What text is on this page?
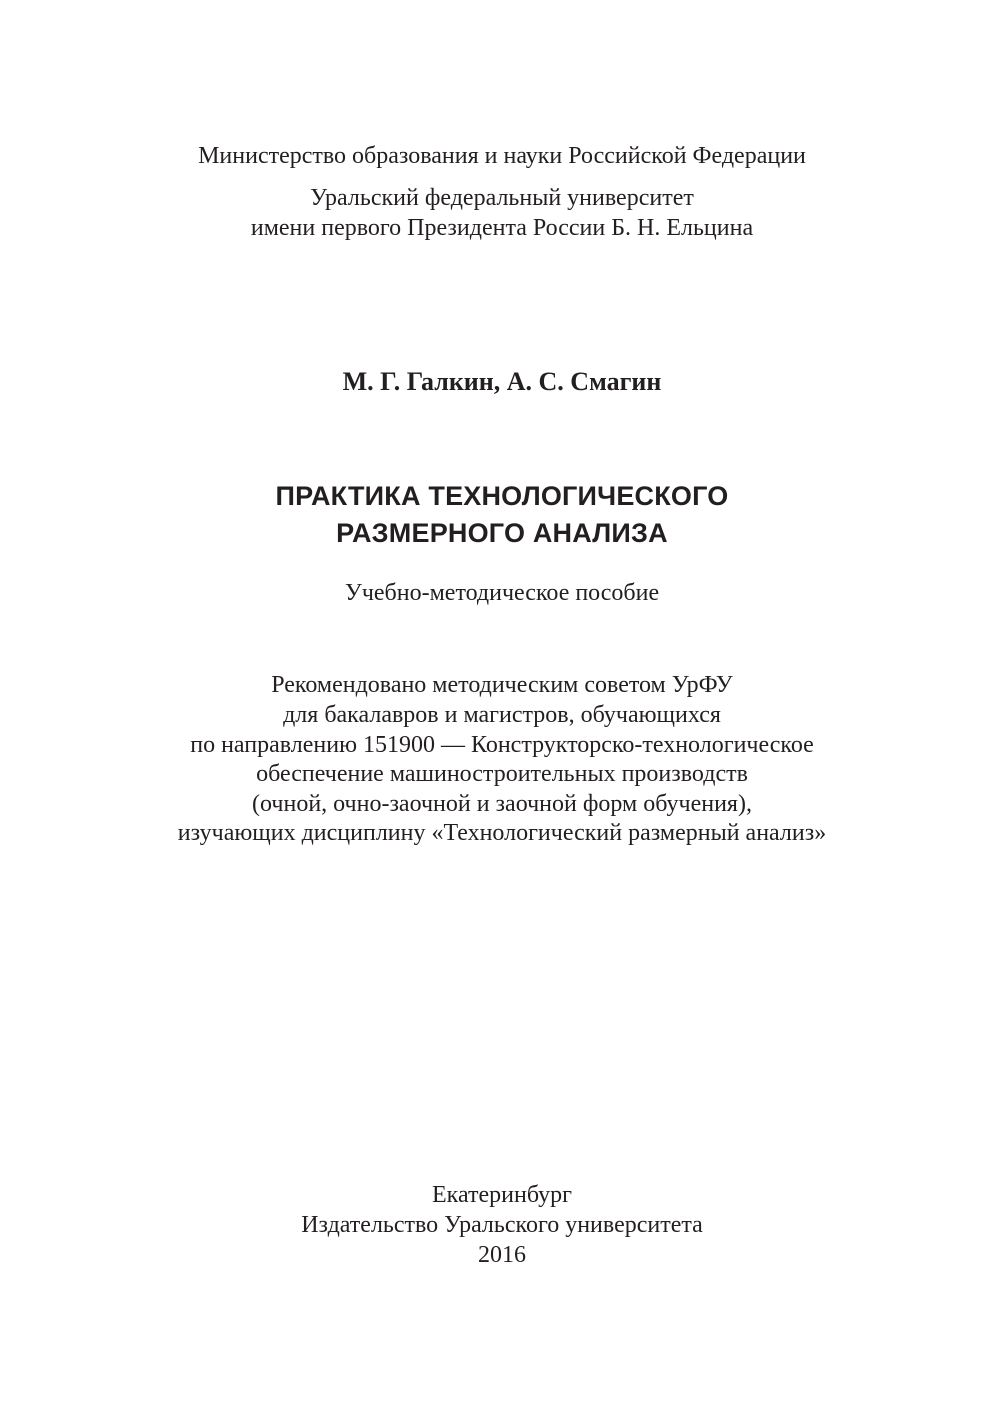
Министерство образования и науки Российской Федерации
Уральский федеральный университет
имени первого Президента России Б. Н. Ельцина
М. Г. Галкин, А. С. Смагин
ПРАКТИКА ТЕХНОЛОГИЧЕСКОГО
РАЗМЕРНОГО АНАЛИЗА
Учебно-методическое пособие
Рекомендовано методическим советом УрФУ
для бакалавров и магистров, обучающихся
по направлению 151900 — Конструкторско-технологическое
обеспечение машиностроительных производств
(очной, очно-заочной и заочной форм обучения),
изучающих дисциплину «Технологический размерный анализ»
Екатеринбург
Издательство Уральского университета
2016
